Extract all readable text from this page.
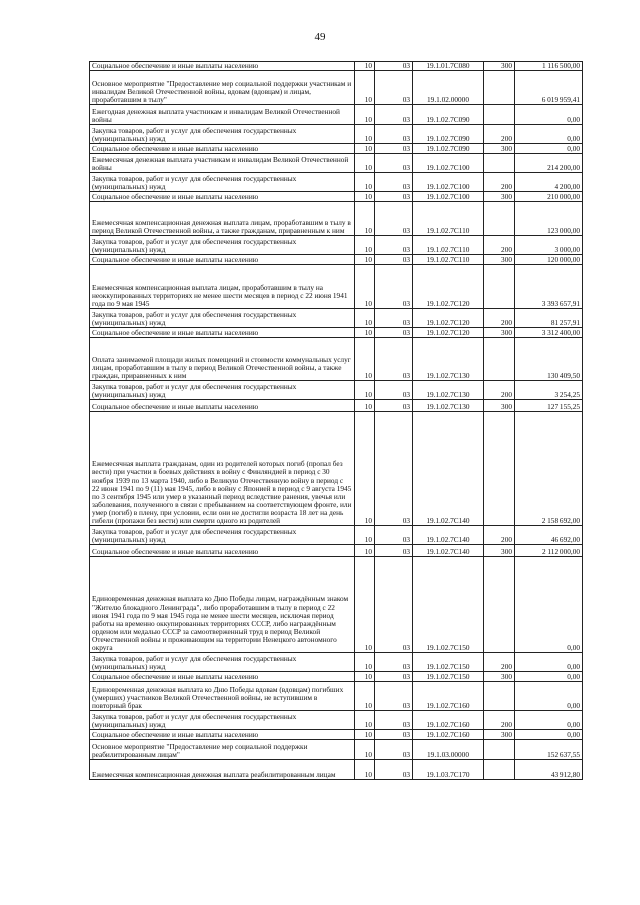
49
Социальное обеспечение и иные выплаты населению	10	03	19.1.01.7С080	300	1 116 500,00
Основное мероприятие "Предоставление мер социальной поддержки участникам и инвалидам Великой Отечественной войны, вдовам (вдовцам) и лицам, проработавшим в тылу"	10	03	19.1.02.00000		6 019 959,41
Ежегодная денежная выплата участникам и инвалидам Великой Отечественной войны	10	03	19.1.02.7С090		0,00
Закупка товаров, работ и услуг для обеспечения государственных (муниципальных) нужд	10	03	19.1.02.7С090	200	0,00
Социальное обеспечение и иные выплаты населению	10	03	19.1.02.7С090	300	0,00
Ежемесячная денежная выплата участникам и инвалидам Великой Отечественной войны	10	03	19.1.02.7С100		214 200,00
Закупка товаров, работ и услуг для обеспечения государственных (муниципальных) нужд	10	03	19.1.02.7С100	200	4 200,00
Социальное обеспечение и иные выплаты населению	10	03	19.1.02.7С100	300	210 000,00
Ежемесячная компенсационная денежная выплата лицам, проработавшим в тылу в период Великой Отечественной войны, а также гражданам, приравненным к ним	10	03	19.1.02.7С110		123 000,00
Закупка товаров, работ и услуг для обеспечения государственных (муниципальных) нужд	10	03	19.1.02.7С110	200	3 000,00
Социальное обеспечение и иные выплаты населению	10	03	19.1.02.7С110	300	120 000,00
Ежемесячная компенсационная выплата лицам, проработавшим в тылу на неоккупированных территориях не менее шести месяцев в период с 22 июня 1941 года по 9 мая 1945	10	03	19.1.02.7С120		3 393 657,91
Закупка товаров, работ и услуг для обеспечения государственных (муниципальных) нужд	10	03	19.1.02.7С120	200	81 257,91
Социальное обеспечение и иные выплаты населению	10	03	19.1.02.7С120	300	3 312 400,00
Оплата занимаемой площади жилых помещений и стоимости коммунальных услуг лицам, проработавшим в тылу в период Великой Отечественной войны, а также граждан, приравненных к ним	10	03	19.1.02.7С130		130 409,50
Закупка товаров, работ и услуг для обеспечения государственных (муниципальных) нужд	10	03	19.1.02.7С130	200	3 254,25
Социальное обеспечение и иные выплаты населению	10	03	19.1.02.7С130	300	127 155,25
Ежемесячная выплата гражданам, один из родителей которых погиб (пропал без вести) при участии в боевых действиях в войну с Финляндией в период с 30 ноября 1939 по 13 марта 1940, либо в Великую Отечественную войну в период с 22 июня 1941 по 9 (11) мая 1945, либо в войну с Японией в период с 9 августа 1945 по 3 сентября 1945 или умер в указанный период вследствие ранения, увечья или заболевания, полученного в связи с пребыванием на соответствующем фронте, или умер (погиб) в плену, при условии, если они не достигли возраста 18 лет на день гибели (пропажи без вести) или смерти одного из родителей	10	03	19.1.02.7С140		2 158 692,00
Закупка товаров, работ и услуг для обеспечения государственных (муниципальных) нужд	10	03	19.1.02.7С140	200	46 692,00
Социальное обеспечение и иные выплаты населению	10	03	19.1.02.7С140	300	2 112 000,00
Единовременная денежная выплата ко Дню Победы лицам, награждённым знаком "Жителю блокадного Ленинграда", либо проработавшим в тылу в период с 22 июня 1941 года по 9 мая 1945 года не менее шести месяцев, исключая период работы на временно оккупированных территориях СССР, либо награждённым орденом или медалью СССР за самоотверженный труд в период Великой Отечественной войны и проживающим на территории Ненецкого автономного округа	10	03	19.1.02.7С150		0,00
Закупка товаров, работ и услуг для обеспечения государственных (муниципальных) нужд	10	03	19.1.02.7С150	200	0,00
Социальное обеспечение и иные выплаты населению	10	03	19.1.02.7С150	300	0,00
Единовременная денежная выплата ко Дню Победы вдовам (вдовцам) погибших (умерших) участников Великой Отечественной войны, не вступившим в повторный брак	10	03	19.1.02.7С160		0,00
Закупка товаров, работ и услуг для обеспечения государственных (муниципальных) нужд	10	03	19.1.02.7С160	200	0,00
Социальное обеспечение и иные выплаты населению	10	03	19.1.02.7С160	300	0,00
Основное мероприятие "Предоставление мер социальной поддержки реабилитированным лицам"	10	03	19.1.03.00000		152 637,55
Ежемесячная компенсационная денежная выплата реабилитированным лицам	10	03	19.1.03.7С170		43 912,80
